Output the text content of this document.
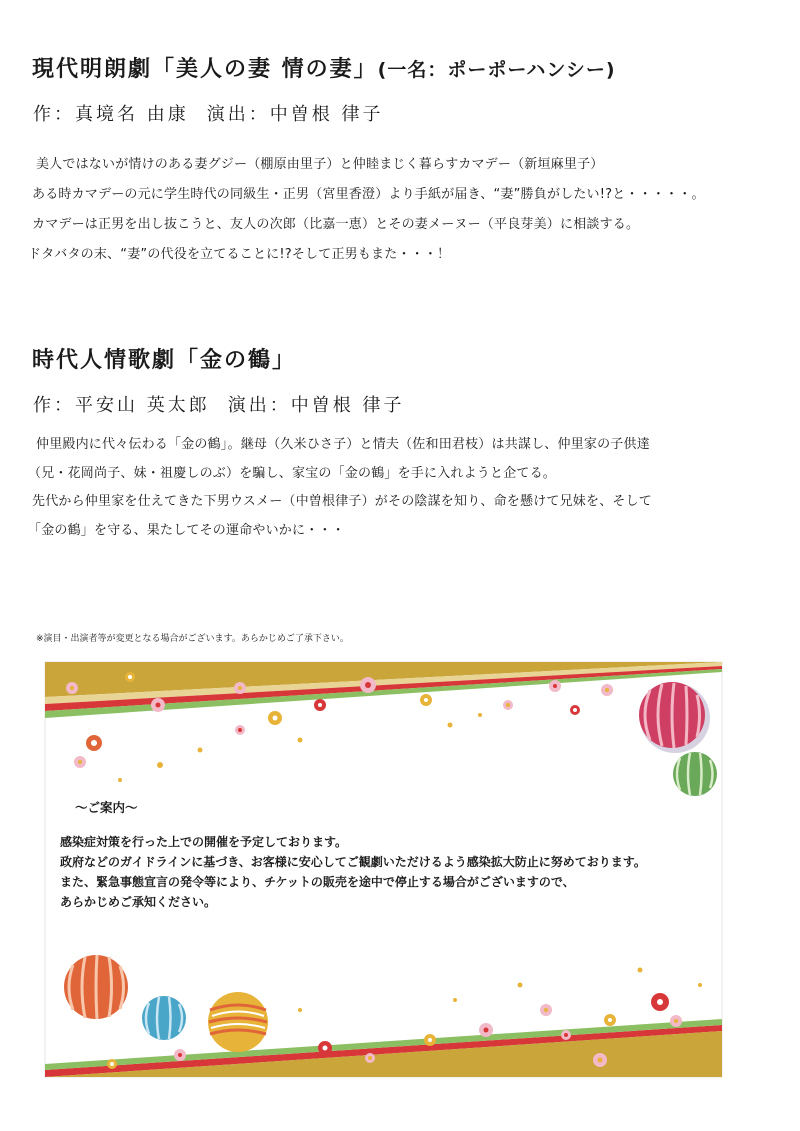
現代明朗劇「美人の妻 情の妻」(一名：ポーポーハンシー)
作：真境名 由康 演出：中曽根 律子
美人ではないが情けのある妻グジー（棚原由里子）と仲睦まじく暮らすカマデー（新垣麻里子）
ある時カマデーの元に学生時代の同級生・正男（宮里香澄）より手紙が届き、“妻”勝負がしたい!?と・・・・・。
カマデーは正男を出し抜こうと、友人の次郎（比嘉一恵）とその妻メーヌー（平良芽美）に相談する。
ドタバタの末、“妻”の代役を立てることに!?そして正男もまた・・・！
時代人情歌劇「金の鶴」
作：平安山 英太郎 演出：中曽根 律子
仲里殿内に代々伝わる「金の鶴」。継母（久米ひさ子）と情夫（佐和田君枝）は共謀し、仲里家の子供達
（兄・花岡尚子、妹・祖慶しのぶ）を騙し、家宝の「金の鶴」を手に入れようと企てる。
先代から仲里家を仕えてきた下男ウスメー（中曽根律子）がその陰謀を知り、命を懸けて兄妹を、そして
「金の鶴」を守る、果たしてその運命やいかに・・・
※演目・出演者等が変更となる場合がございます。あらかじめご了承下さい。
～ご案内～
感染症対策を行った上での開催を予定しております。
政府などのガイドラインに基づき、お客様に安心してご観劇いただけるよう感染拡大防止に努めております。
また、緊急事態宣言の発令等により、チケットの販売を途中で停止する場合がございますので、
あらかじめご承知ください。
